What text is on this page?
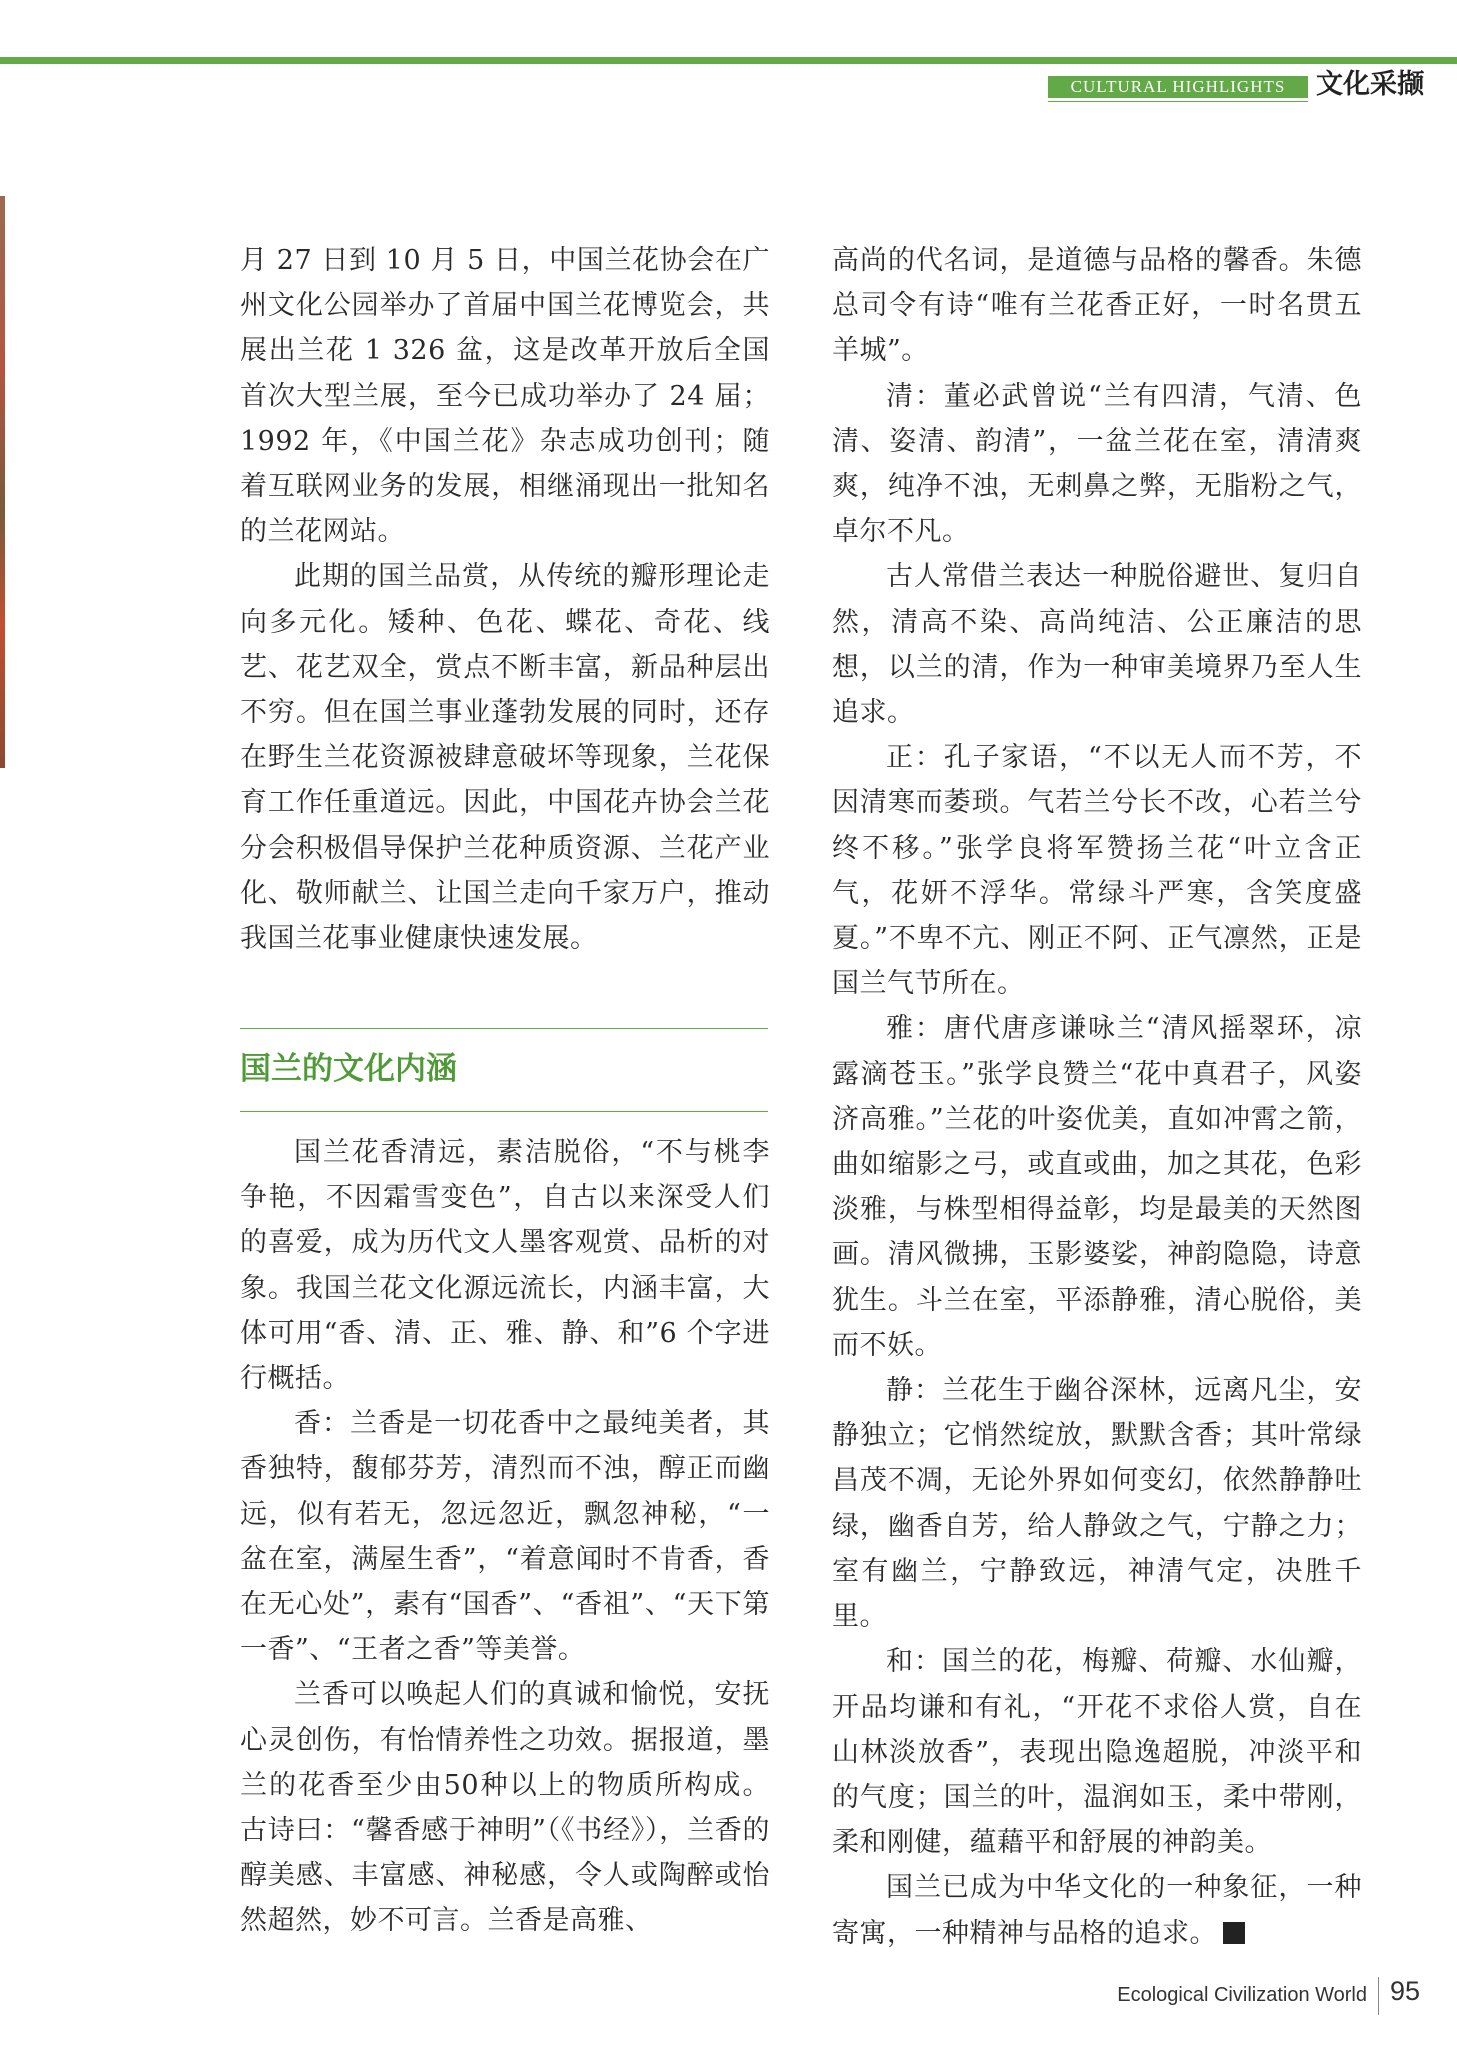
CULTURAL HIGHLIGHTS	文化采撷

月 27 日到 10 月 5 日，中国兰花协会在广州文化公园举办了首届中国兰花博览会，共展出兰花 1 326 盆，这是改革开放后全国首次大型兰展，至今已成功举办了 24 届；1992 年，《中国兰花》杂志成功创刊；随着互联网业务的发展，相继涌现出一批知名的兰花网站。

此期的国兰品赏，从传统的瓣形理论走向多元化。矮种、色花、蝶花、奇花、线艺、花艺双全，赏点不断丰富，新品种层出不穷。但在国兰事业蓬勃发展的同时，还存在野生兰花资源被肆意破坏等现象，兰花保育工作任重道远。因此，中国花卉协会兰花分会积极倡导保护兰花种质资源、兰花产业化、敬师献兰、让国兰走向千家万户，推动我国兰花事业健康快速发展。

国兰的文化内涵

国兰花香清远，素洁脱俗，“不与桃李争艳，不因霜雪变色”，自古以来深受人们的喜爱，成为历代文人墨客观赏、品析的对象。我国兰花文化源远流长，内涵丰富，大体可用“香、清、正、雅、静、和”6 个字进行概括。

香：兰香是一切花香中之最纯美者，其香独特，馥郁芬芳，清烈而不浊，醇正而幽远，似有若无，忽远忽近，飘忽神秘，“一盆在室，满屋生香”，“着意闻时不肯香，香在无心处”，素有“国香”、“香祖”、“天下第一香”、“王者之香”等美誉。

兰香可以唤起人们的真诚和愉悦，安抚心灵创伤，有怡情养性之功效。据报道，墨兰的花香至少由50种以上的物质所构成。古诗曰：“馨香感于神明”（《书经》），兰香的醇美感、丰富感、神秘感，令人或陶醉或怡然超然，妙不可言。兰香是高雅、

高尚的代名词，是道德与品格的馨香。朱德总司令有诗“唯有兰花香正好，一时名贯五羊城”。

清：董必武曾说“兰有四清，气清、色清、姿清、韵清”，一盆兰花在室，清清爽爽，纯净不浊，无刺鼻之弊，无脂粉之气，卓尔不凡。

古人常借兰表达一种脱俗避世、复归自然，清高不染、高尚纯洁、公正廉洁的思想，以兰的清，作为一种审美境界乃至人生追求。

正：孔子家语，“不以无人而不芳，不因清寒而萎琐。气若兰兮长不改，心若兰兮终不移。”张学良将军赞扬兰花“叶立含正气，花妍不浮华。常绿斗严寒，含笑度盛夏。”不卑不亢、刚正不阿、正气凛然，正是国兰气节所在。

雅：唐代唐彦谦咏兰“清风摇翠环，凉露滴苍玉。”张学良赞兰“花中真君子，风姿济高雅。”兰花的叶姿优美，直如冲霄之箭，曲如缩影之弓，或直或曲，加之其花，色彩淡雅，与株型相得益彰，均是最美的天然图画。清风微拂，玉影婆娑，神韵隐隐，诗意犹生。斗兰在室，平添静雅，清心脱俗，美而不妖。

静：兰花生于幽谷深林，远离凡尘，安静独立；它悄然绽放，默默含香；其叶常绿昌茂不凋，无论外界如何变幻，依然静静吐绿，幽香自芳，给人静敛之气，宁静之力；室有幽兰，宁静致远，神清气定，决胜千里。

和：国兰的花，梅瓣、荷瓣、水仙瓣，开品均谦和有礼，“开花不求俗人赏，自在山林淡放香”，表现出隐逸超脱，冲淡平和的气度；国兰的叶，温润如玉，柔中带刚，柔和刚健，蕴藉平和舒展的神韵美。

国兰已成为中华文化的一种象征，一种寄寓，一种精神与品格的追求。

Ecological Civilization World 95
